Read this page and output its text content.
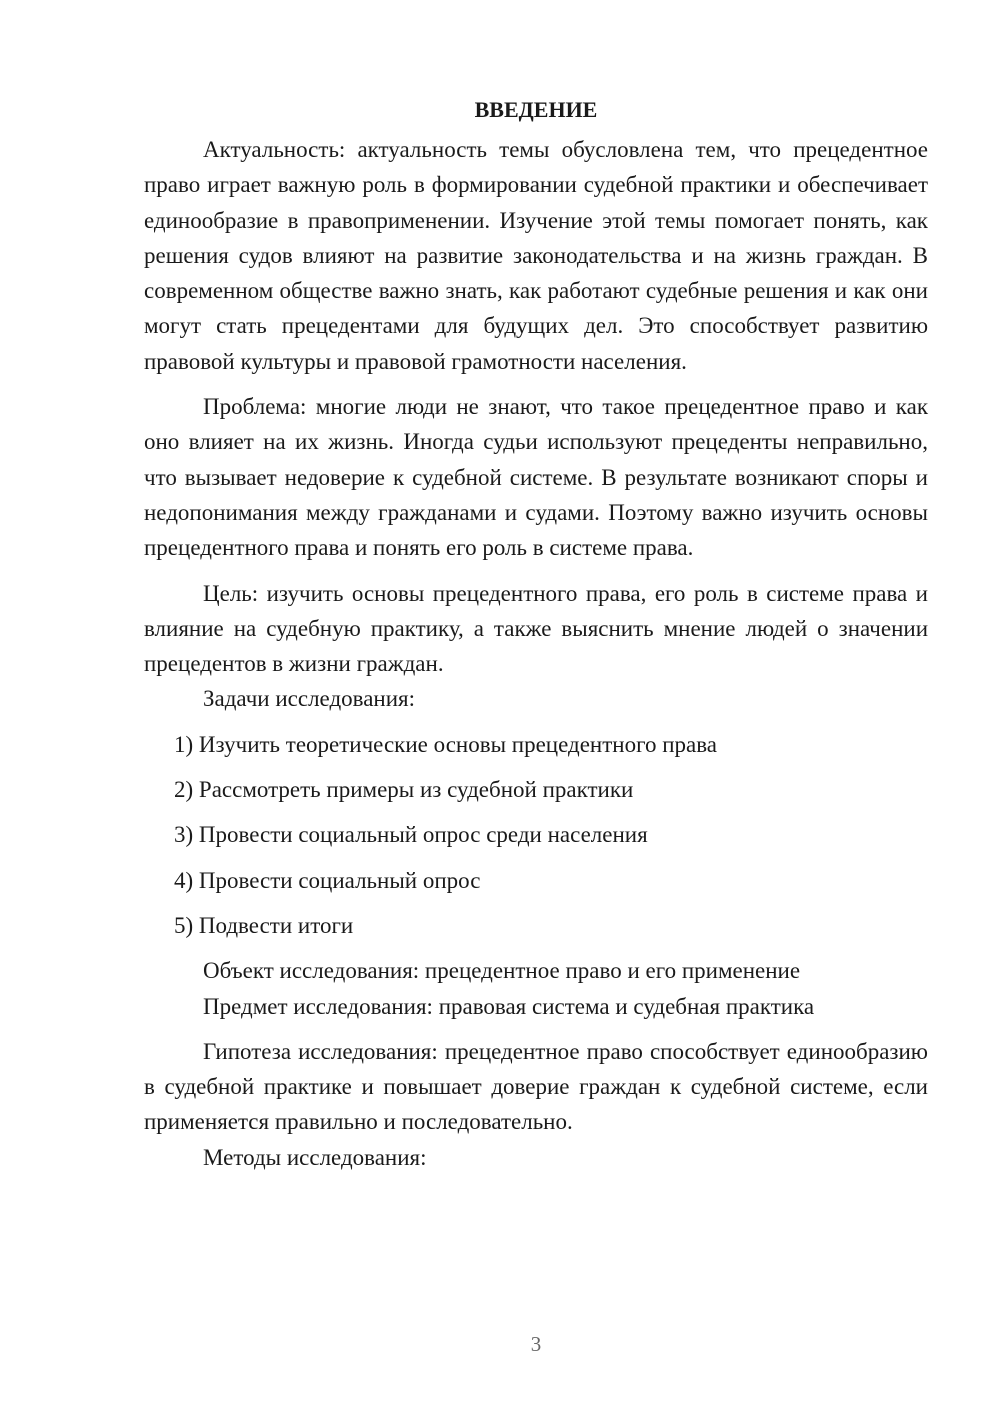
ВВЕДЕНИЕ

Актуальность: актуальность темы обусловлена тем, что прецедентное право играет важную роль в формировании судебной практики и обеспечивает единообразие в правоприменении. Изучение этой темы помогает понять, как решения судов влияют на развитие законодательства и на жизнь граждан. В современном обществе важно знать, как работают судебные решения и как они могут стать прецедентами для будущих дел. Это способствует развитию правовой культуры и правовой грамотности населения.

Проблема: многие люди не знают, что такое прецедентное право и как оно влияет на их жизнь. Иногда судьи используют прецеденты неправильно, что вызывает недоверие к судебной системе. В результате возникают споры и недопонимания между гражданами и судами. Поэтому важно изучить основы прецедентного права и понять его роль в системе права.

Цель: изучить основы прецедентного права, его роль в системе права и влияние на судебную практику, а также выяснить мнение людей о значении прецедентов в жизни граждан.

Задачи исследования:

1) Изучить теоретические основы прецедентного права
2) Рассмотреть примеры из судебной практики
3) Провести социальный опрос среди населения
4) Провести социальный опрос
5) Подвести итоги

Объект исследования: прецедентное право и его применение

Предмет исследования: правовая система и судебная практика

Гипотеза исследования: прецедентное право способствует единообразию в судебной практике и повышает доверие граждан к судебной системе, если применяется правильно и последовательно.

Методы исследования:

3
